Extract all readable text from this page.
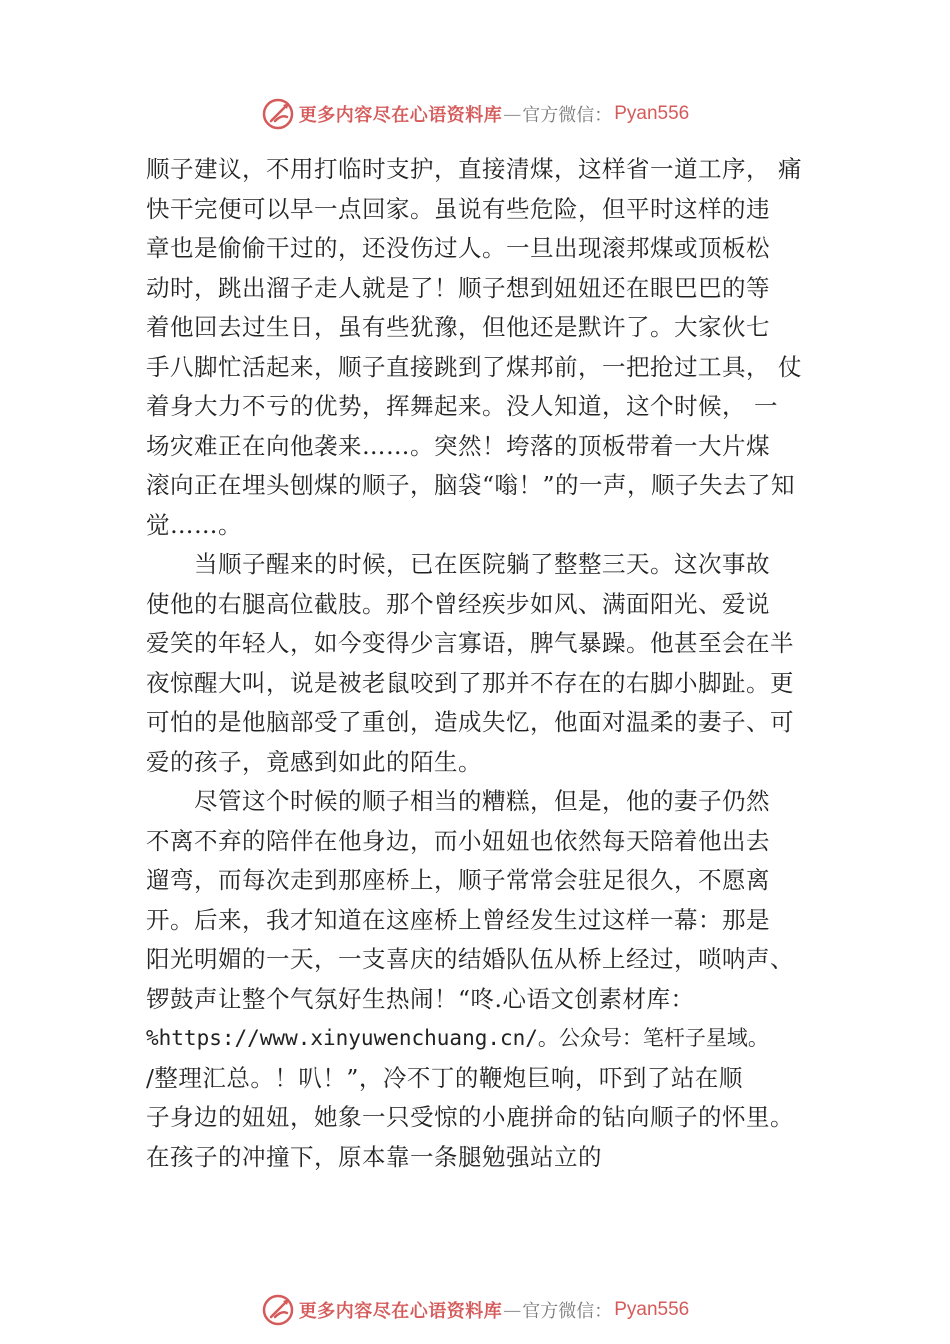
更多内容尽在心语资料库 — 官方微信： Pyan556
顺子建议，不用打临时支护，直接清煤，这样省一道工序， 痛
快干完便可以早一点回家。虽说有些危险，但平时这样的违
章也是偷偷干过的，还没伤过人。一旦出现滚邦煤或顶板松
动时，跳出溜子走人就是了！顺子想到妞妞还在眼巴巴的等
着他回去过生日，虽有些犹豫，但他还是默许了。大家伙七
手八脚忙活起来，顺子直接跳到了煤邦前，一把抢过工具， 仗
着身大力不亏的优势，挥舞起来。没人知道，这个时候， 一
场灾难正在向他袭来……。突然！垮落的顶板带着一大片煤
滚向正在埋头刨煤的顺子，脑袋“嗡！”的一声，顺子失去了知
觉……。
　　当顺子醒来的时候，已在医院躺了整整三天。这次事故
使他的右腿高位截肢。那个曾经疾步如风、满面阳光、爱说
爱笑的年轻人，如今变得少言寡语，脾气暴躁。他甚至会在半
夜惊醒大叫，说是被老鼠咬到了那并不存在的右脚小脚趾。更
可怕的是他脑部受了重创，造成失忆，他面对温柔的妻子、可
爱的孩子，竟感到如此的陌生。
　　尽管这个时候的顺子相当的糟糕，但是，他的妻子仍然
不离不弃的陪伴在他身边，而小妞妞也依然每天陪着他出去
遛弯，而每次走到那座桥上，顺子常常会驻足很久，不愿离
开。后来，我才知道在这座桥上曾经发生过这样一幕：那是
阳光明媚的一天，一支喜庆的结婚队伍从桥上经过，唢呐声、
锣鼓声让整个气氛好生热闹！“咚.心语文创素材库：
%https://www.xinyuwenchuang.cn/。公众号：笔杆子星域。
/整理汇总。！叭！”，冷不丁的鞭炮巨响，吓到了站在顺
子身边的妞妞，她象一只受惊的小鹿拼命的钻向顺子的怀里。
在孩子的冲撞下，原本靠一条腿勉强站立的
更多内容尽在心语资料库 — 官方微信： Pyan556
